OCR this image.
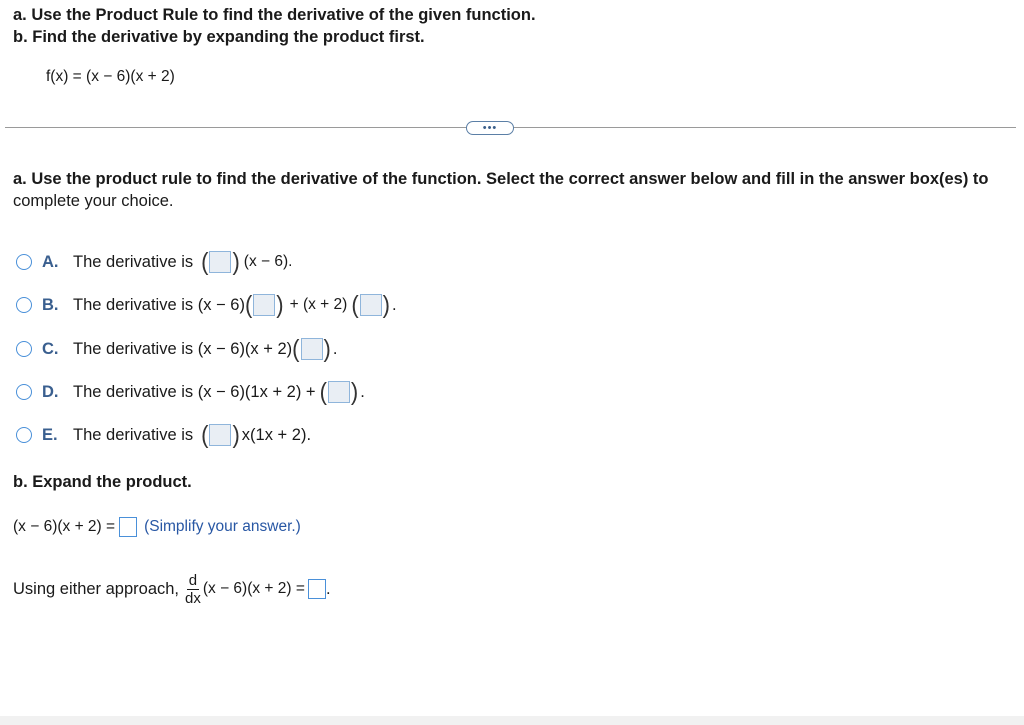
a. Use the Product Rule to find the derivative of the given function.
b. Find the derivative by expanding the product first.
f(x) = (x − 6)(x + 2)
•••
a. Use the product rule to find the derivative of the function. Select the correct answer below and fill in the answer box(es) to
complete your choice.
A. The derivative is ( ) (x − 6).
B. The derivative is (x − 6) ( ) + (x + 2) ( ) .
C. The derivative is (x − 6)(x + 2) ( ) .
D. The derivative is (x − 6)(1x + 2) + ( ) .
E. The derivative is ( ) x(1x + 2).
b. Expand the product.
(x − 6)(x + 2) = (Simplify your answer.)
Using either approach, $\frac{d}{dx} (x - 6)(x + 2)$ = .
